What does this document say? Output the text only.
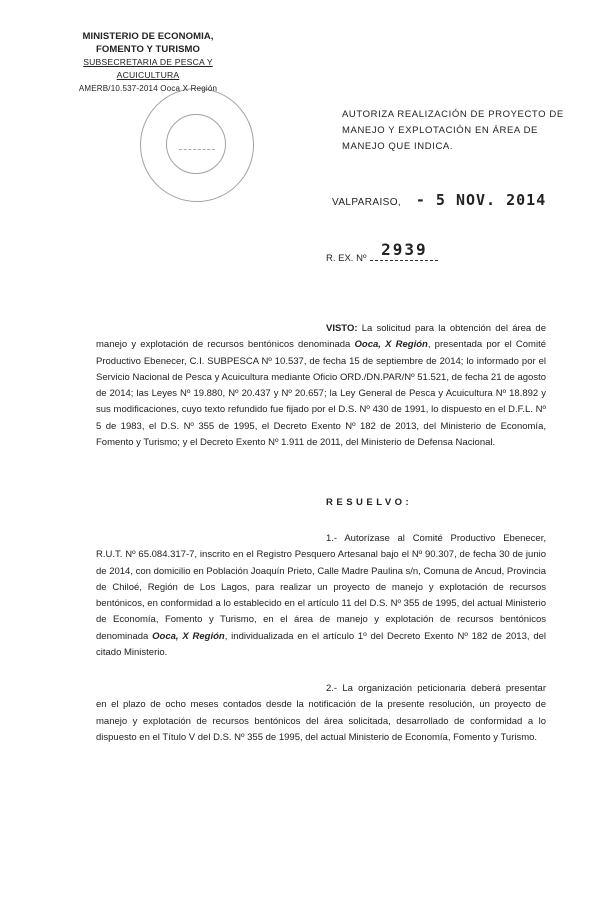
MINISTERIO DE ECONOMIA,
FOMENTO Y TURISMO
SUBSECRETARIA DE PESCA Y ACUICULTURA
AMERB/10.537-2014 Ooca X Región
AUTORIZA REALIZACIÓN DE PROYECTO DE MANEJO Y EXPLOTACIÓN EN ÁREA DE MANEJO QUE INDICA.
VALPARAISO, - 5 NOV. 2014
R. EX. Nº 2939
VISTO: La solicitud para la obtención del área de manejo y explotación de recursos bentónicos denominada Ooca, X Región, presentada por el Comité Productivo Ebenecer, C.I. SUBPESCA Nº 10.537, de fecha 15 de septiembre de 2014; lo informado por el Servicio Nacional de Pesca y Acuicultura mediante Oficio ORD./DN.PAR/Nº 51.521, de fecha 21 de agosto de 2014; las Leyes Nº 19.880, Nº 20.437 y Nº 20.657; la Ley General de Pesca y Acuicultura Nº 18.892 y sus modificaciones, cuyo texto refundido fue fijado por el D.S. Nº 430 de 1991, lo dispuesto en el D.F.L. Nº 5 de 1983, el D.S. Nº 355 de 1995, el Decreto Exento Nº 182 de 2013, del Ministerio de Economía, Fomento y Turismo; y el Decreto Exento Nº 1.911 de 2011, del Ministerio de Defensa Nacional.
RESUELVO:
1.- Autorízase al Comité Productivo Ebenecer, R.U.T. Nº 65.084.317-7, inscrito en el Registro Pesquero Artesanal bajo el Nº 90.307, de fecha 30 de junio de 2014, con domicilio en Población Joaquín Prieto, Calle Madre Paulina s/n, Comuna de Ancud, Provincia de Chiloé, Región de Los Lagos, para realizar un proyecto de manejo y explotación de recursos bentónicos, en conformidad a lo establecido en el artículo 11 del D.S. Nº 355 de 1995, del actual Ministerio de Economía, Fomento y Turismo, en el área de manejo y explotación de recursos bentónicos denominada Ooca, X Región, individualizada en el artículo 1º del Decreto Exento Nº 182 de 2013, del citado Ministerio.
2.- La organización peticionaria deberá presentar en el plazo de ocho meses contados desde la notificación de la presente resolución, un proyecto de manejo y explotación de recursos bentónicos del área solicitada, desarrollado de conformidad a lo dispuesto en el Título V del D.S. Nº 355 de 1995, del actual Ministerio de Economía, Fomento y Turismo.
